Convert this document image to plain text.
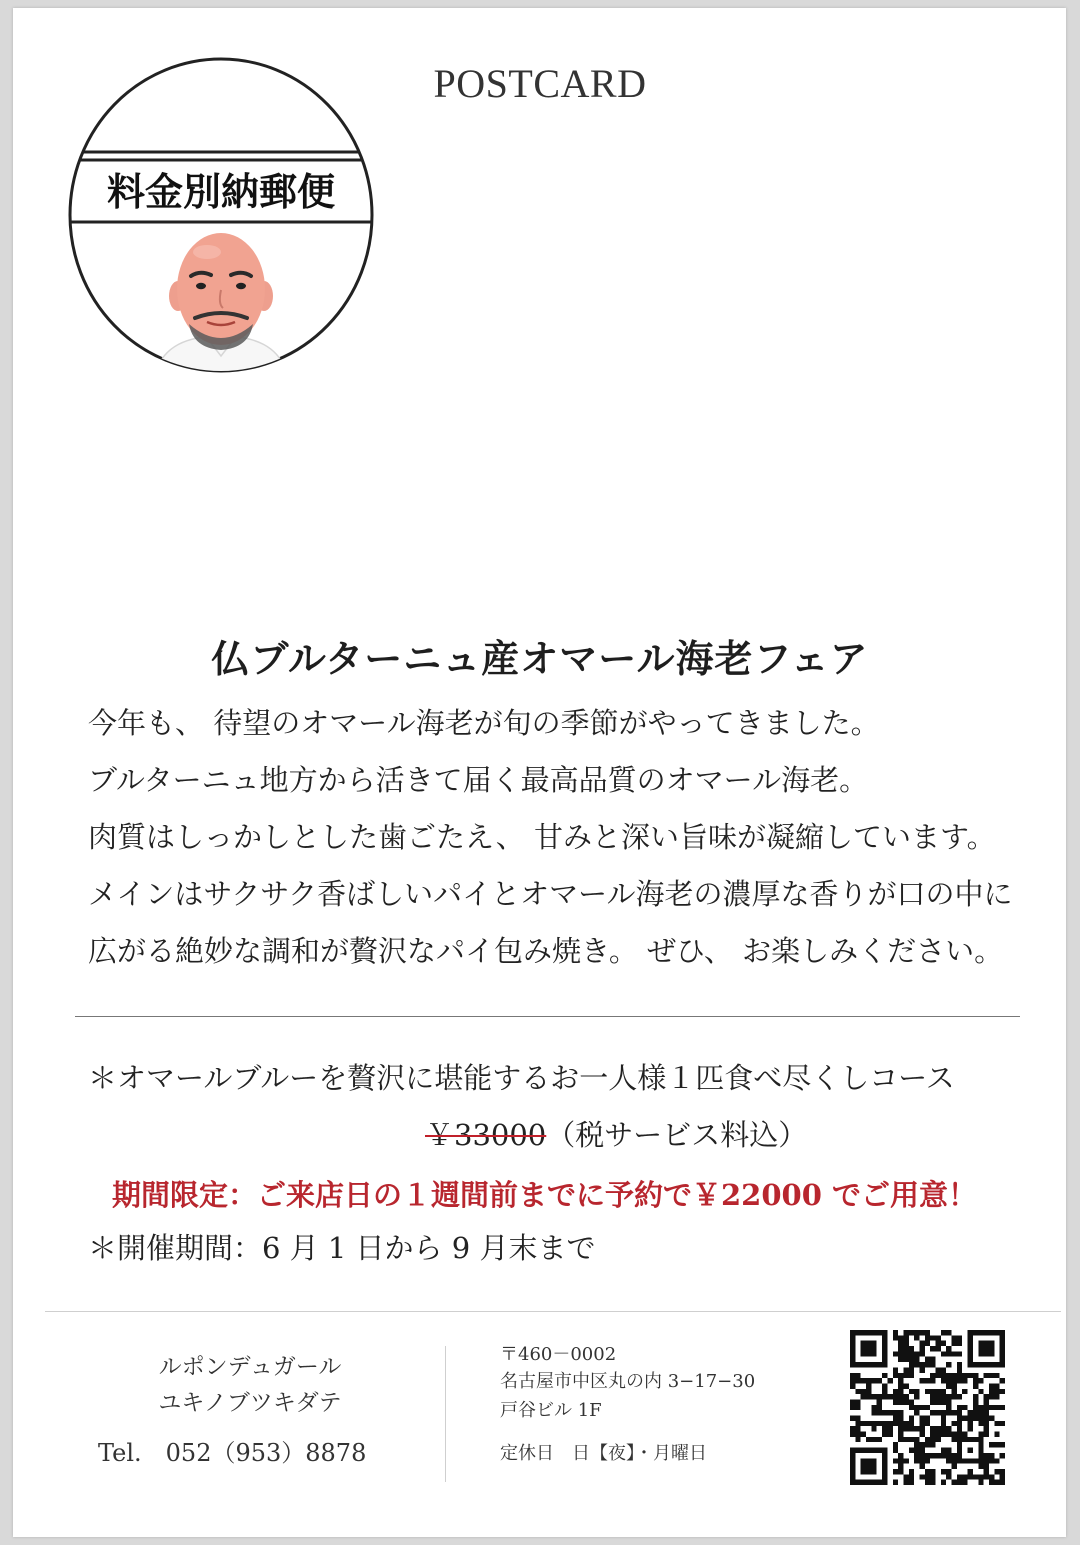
POSTCARD
料金別納郵便
仏ブルターニュ産オマール海老フェア
今年も、 待望のオマール海老が旬の季節がやってきました。
ブルターニュ地方から活きて届く最高品質のオマール海老。
肉質はしっかしとした歯ごたえ、 甘みと深い旨味が凝縮しています。
メインはサクサク香ばしいパイとオマール海老の濃厚な香りが口の中に
広がる絶妙な調和が贅沢なパイ包み焼き。 ぜひ、 お楽しみください。
＊オマールブルーを贅沢に堪能するお一人様１匹食べ尽くしコース
￥33000（税サービス料込）
期間限定：ご来店日の１週間前までに予約で￥22000 でご用意！
＊開催期間：6 月 1 日から 9 月末まで
ルポンデュガール
ユキノブツキダテ
Tel.　052（953）8878
〒460－0002
名古屋市中区丸の内 3−17−30
戸谷ビル 1F
定休日　日【夜】・月曜日
